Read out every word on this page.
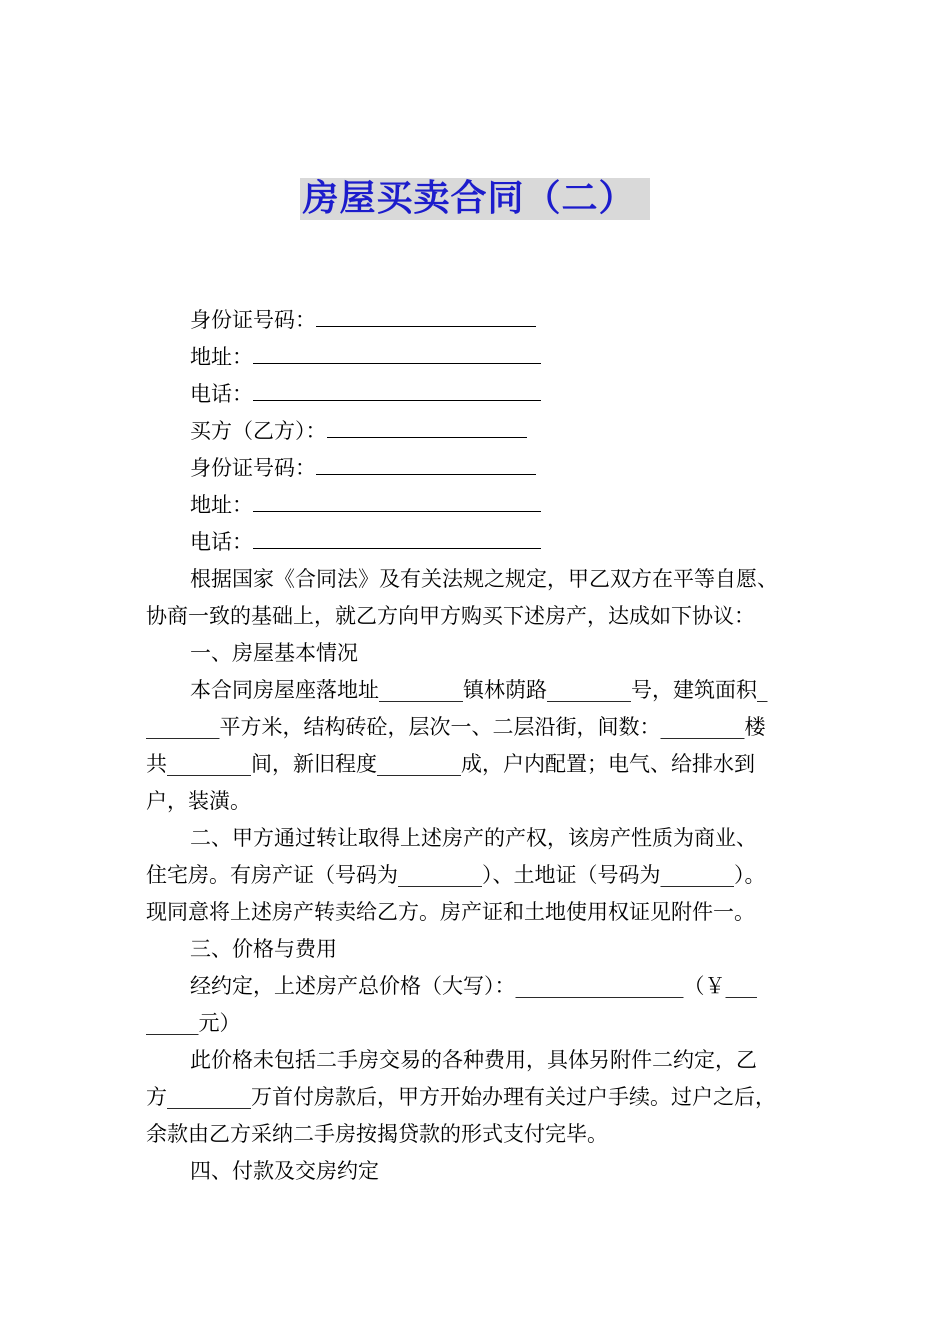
房屋买卖合同（二）
身份证号码：
地址：
电话：
买方（乙方）：
身份证号码：
地址：
电话：
根据国家《合同法》及有关法规之规定，甲乙双方在平等自愿、
协商一致的基础上，就乙方向甲方购买下述房产，达成如下协议：
一、房屋基本情况
本合同房屋座落地址________镇林荫路________号，建筑面积_
_______平方米，结构砖砼，层次一、二层沿街，间数：________楼
共________间，新旧程度________成，户内配置；电气、给排水到
户，装潢。
二、甲方通过转让取得上述房产的产权，该房产性质为商业、
住宅房。有房产证（号码为________）、土地证（号码为_______）。
现同意将上述房产转卖给乙方。房产证和土地使用权证见附件一。
三、价格与费用
经约定，上述房产总价格（大写）：________________（￥___
_____元）
此价格未包括二手房交易的各种费用，具体另附件二约定，乙
方________万首付房款后，甲方开始办理有关过户手续。过户之后，
余款由乙方采纳二手房按揭贷款的形式支付完毕。
四、付款及交房约定
